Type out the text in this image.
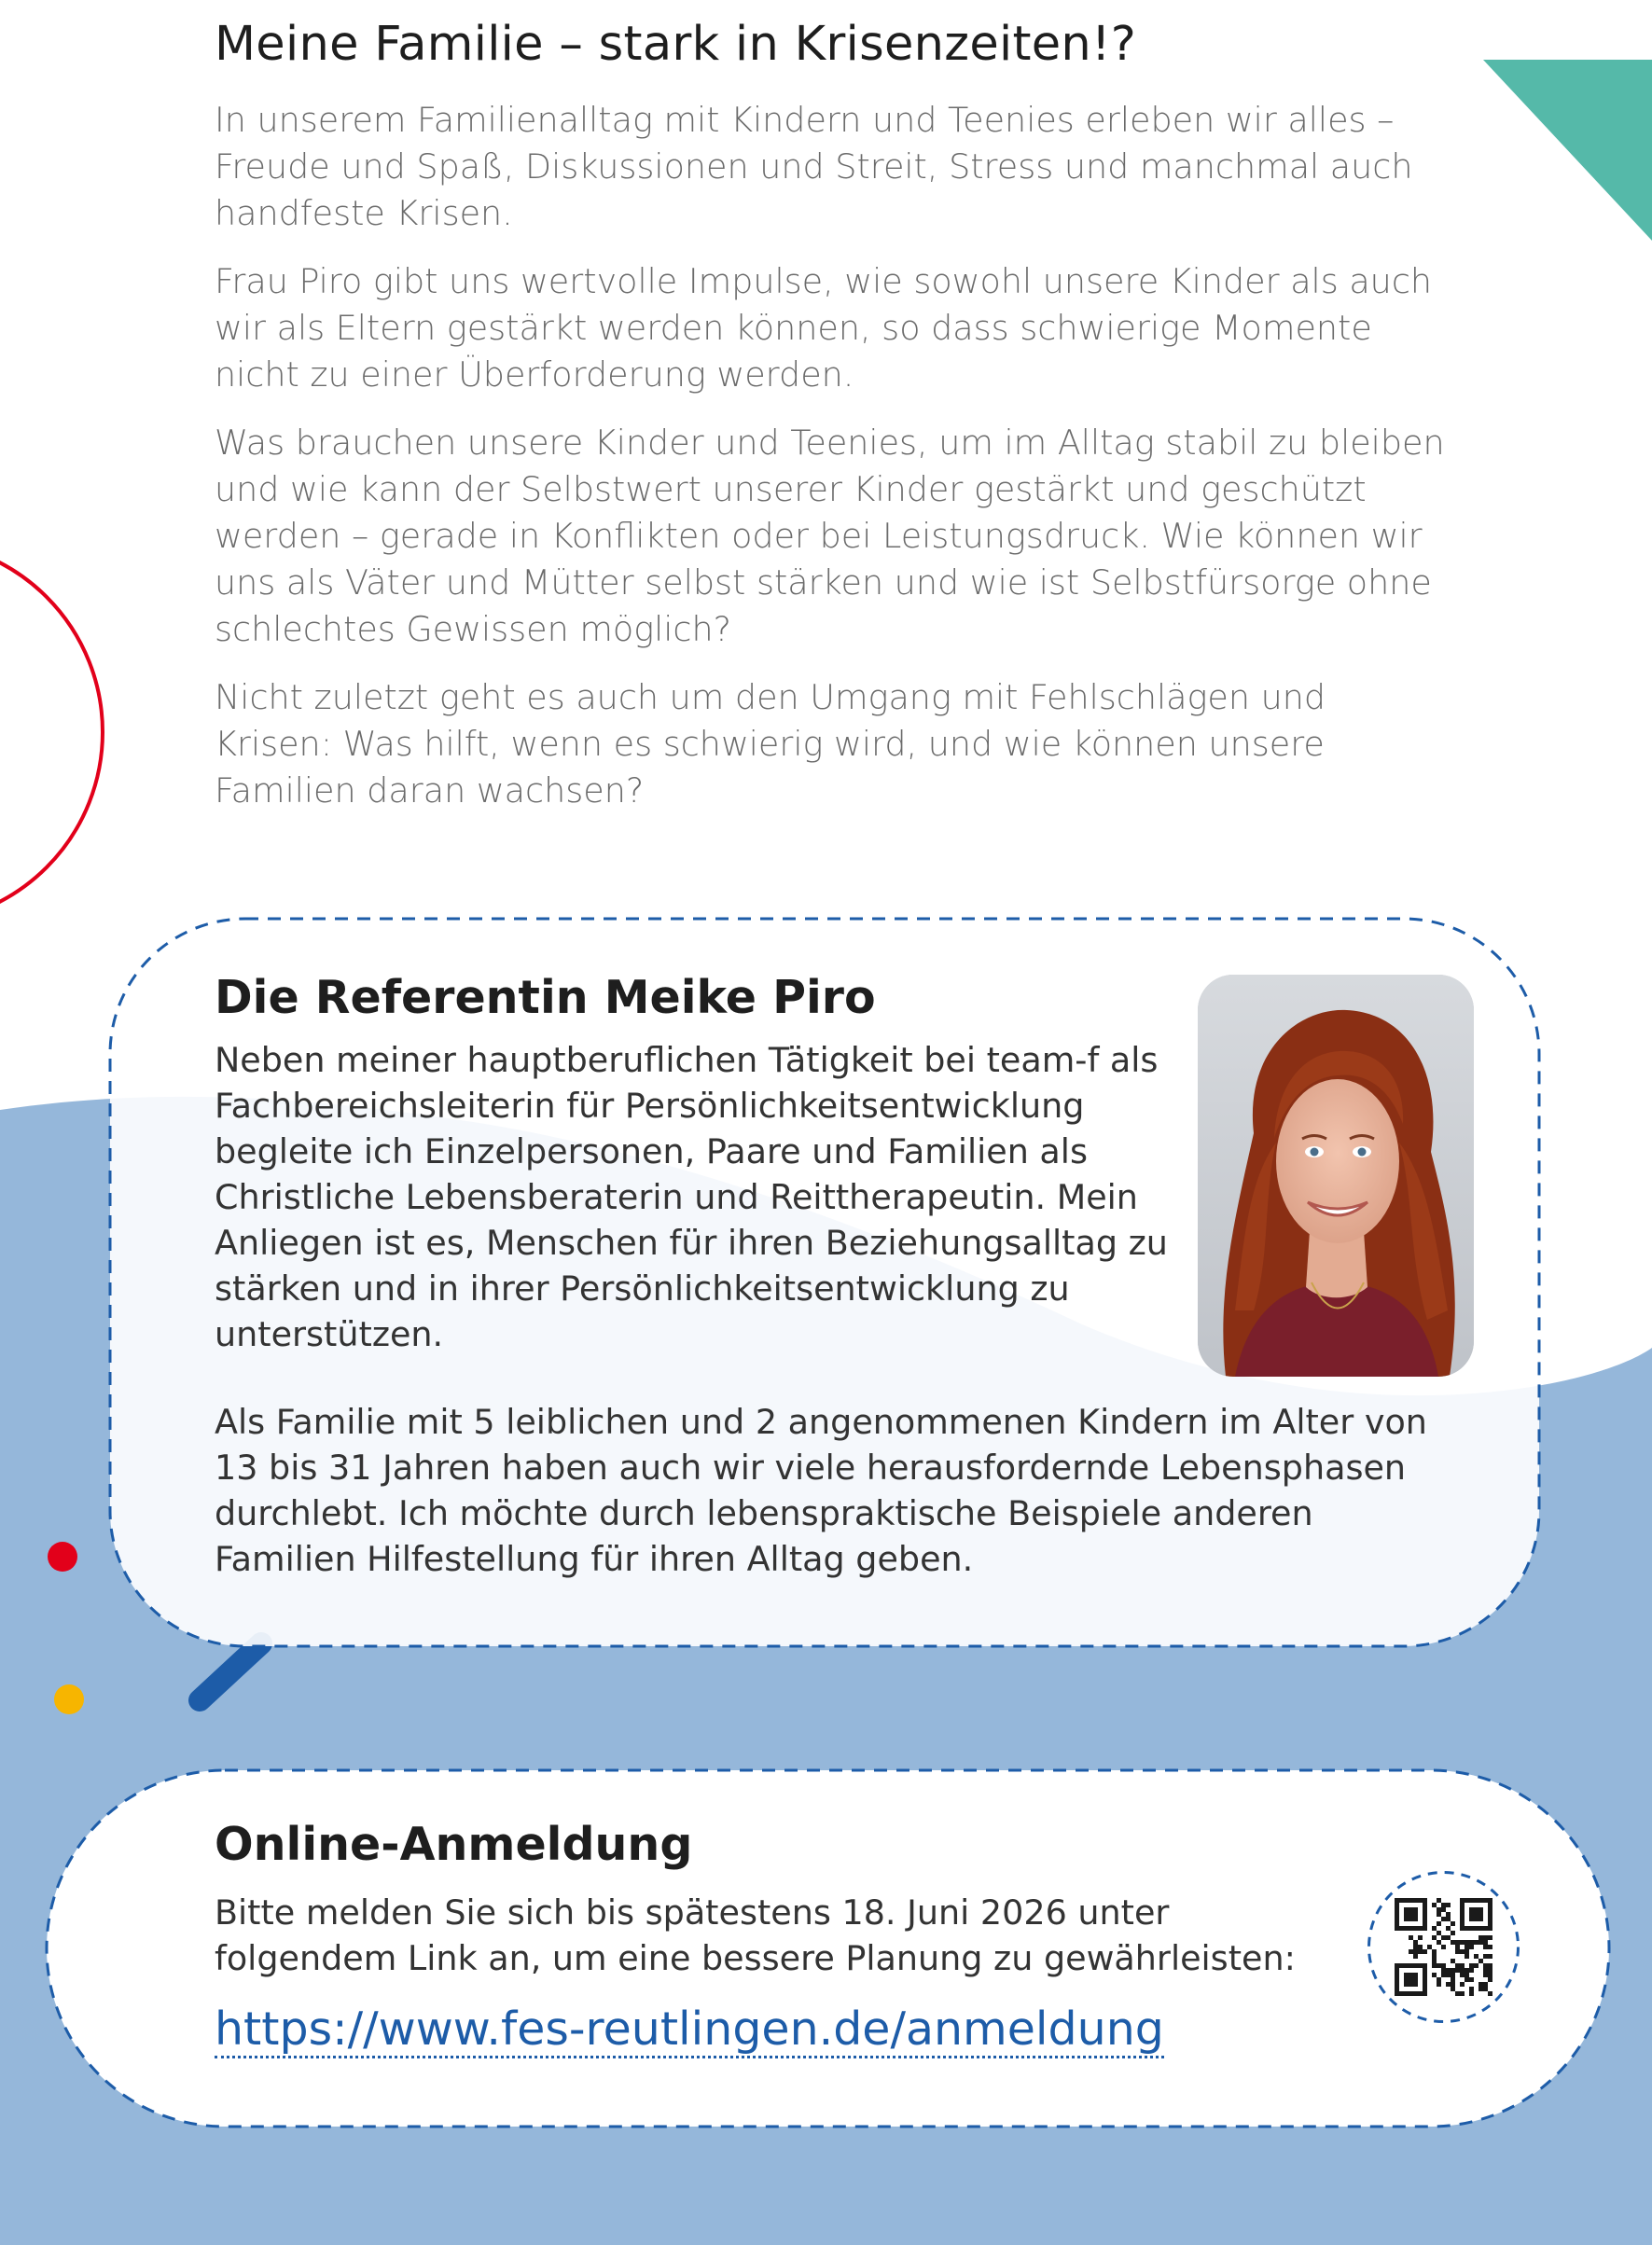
Meine Familie – stark in Krisenzeiten!?

In unserem Familienalltag mit Kindern und Teenies erleben wir alles – Freude und Spaß, Diskussionen und Streit, Stress und manchmal auch handfeste Krisen.

Frau Piro gibt uns wertvolle Impulse, wie sowohl unsere Kinder als auch wir als Eltern gestärkt werden können, so dass schwierige Momente nicht zu einer Überforderung werden.

Was brauchen unsere Kinder und Teenies, um im Alltag stabil zu bleiben und wie kann der Selbstwert unserer Kinder gestärkt und geschützt werden – gerade in Konflikten oder bei Leistungsdruck. Wie können wir uns als Väter und Mütter selbst stärken und wie ist Selbstfürsorge ohne schlechtes Gewissen möglich?

Nicht zuletzt geht es auch um den Umgang mit Fehlschlägen und Krisen: Was hilft, wenn es schwierig wird, und wie können unsere Familien daran wachsen?

Die Referentin Meike Piro

Neben meiner hauptberuflichen Tätigkeit bei team-f als Fachbereichsleiterin für Persönlichkeitsentwicklung begleite ich Einzelpersonen, Paare und Familien als Christliche Lebensberaterin und Reittherapeutin. Mein Anliegen ist es, Menschen für ihren Beziehungsalltag zu stärken und in ihrer Persönlichkeitsentwicklung zu unterstützen.

Als Familie mit 5 leiblichen und 2 angenommenen Kindern im Alter von 13 bis 31 Jahren haben auch wir viele herausfordernde Lebensphasen durchlebt. Ich möchte durch lebenspraktische Beispiele anderen Familien Hilfestellung für ihren Alltag geben.

Online-Anmeldung

Bitte melden Sie sich bis spätestens 18. Juni 2026 unter folgendem Link an, um eine bessere Planung zu gewährleisten:

https://www.fes-reutlingen.de/anmeldung
